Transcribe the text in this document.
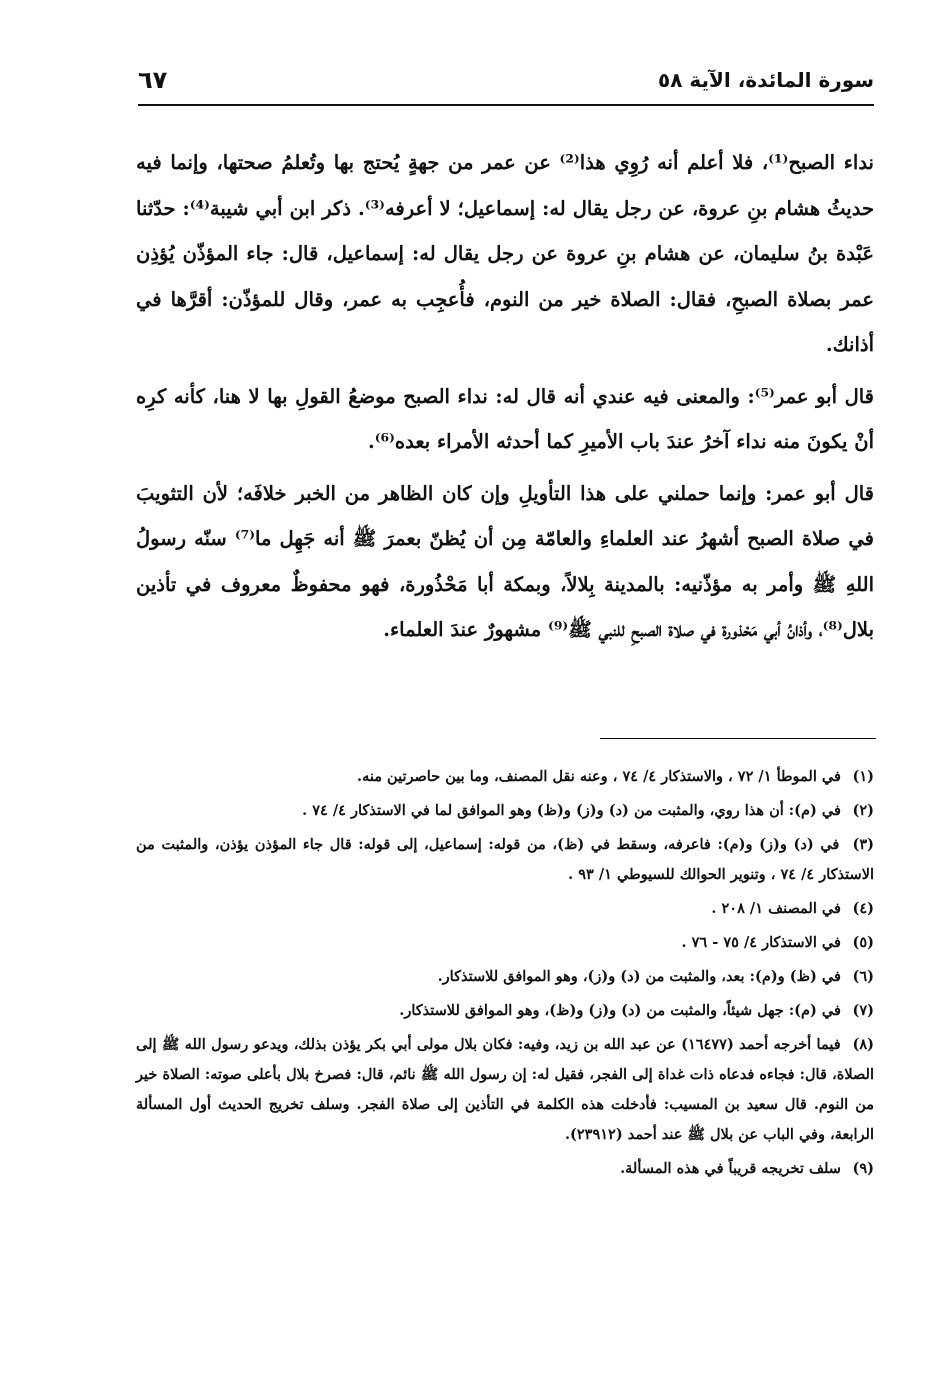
سورة المائدة، الآية ٥٨
٦٧

نداء الصبح⁽¹⁾، فلا أعلم أنه رُوِي هذا⁽²⁾ عن عمر من جهةٍ يُحتج بها وتُعلمُ صحتها، وإنما فيه حديثُ هشام بنِ عروة، عن رجل يقال له: إسماعيل؛ لا أعرفه⁽³⁾. ذكر ابن أبي شيبة⁽⁴⁾: حدّثنا عَبْدة بنُ سليمان، عن هشام بنِ عروة عن رجل يقال له: إسماعيل، قال: جاء المؤذّن يُؤذِن عمر بصلاة الصبحِ، فقال: الصلاة خير من النوم، فأُعجِب به عمر، وقال للمؤذّن: أقرَّها في أذانك.

قال أبو عمر⁽⁵⁾: والمعنى فيه عندي أنه قال له: نداء الصبح موضعُ القولِ بها لا هنا، كأنه كرِه أنْ يكونَ منه نداء آخرُ عندَ باب الأميرِ كما أحدثه الأمراء بعده⁽⁶⁾.

قال أبو عمر: وإنما حملني على هذا التأويلِ وإن كان الظاهر من الخبر خلافَه؛ لأن التثويبَ في صلاة الصبح أشهرُ عند العلماءِ والعامّة مِن أن يُظنّ بعمرَ ﷺ أنه جَهِل ما⁽⁷⁾ سنّه رسولُ اللهِ ﷺ وأمر به مؤذّنيه: بالمدينة بِلالاً، وبمكة أبا مَحْذُورة، فهو محفوظٌ معروف في تأذين بلال⁽⁸⁾، وأذانُ أبي مَحْذورة في صلاة الصبحِ للنبي ﷺ⁽⁹⁾ مشهورٌ عندَ العلماء.

(١) في الموطأ ١/ ٧٢ ، والاستذكار ٤/ ٧٤ ، وعنه نقل المصنف، وما بين حاصرتين منه.

(٢) في (م): أن هذا روي، والمثبت من (د) و(ز) و(ظ) وهو الموافق لما في الاستذكار ٤/ ٧٤ .

(٣) في (د) و(ز) و(م): فاعرفه، وسقط في (ظ)، من قوله: إسماعيل، إلى قوله: قال جاء المؤذن يؤذن، والمثبت من الاستذكار ٤/ ٧٤ ، وتنوير الحوالك للسيوطي ١/ ٩٣ .

(٤) في المصنف ١/ ٢٠٨ .

(٥) في الاستذكار ٤/ ٧٥ - ٧٦ .

(٦) في (ظ) و(م): بعد، والمثبت من (د) و(ز)، وهو الموافق للاستذكار.

(٧) في (م): جهل شيئاً، والمثبت من (د) و(ز) و(ظ)، وهو الموافق للاستذكار.

(٨) فيما أخرجه أحمد (١٦٤٧٧) عن عبد الله بن زيد، وفيه: فكان بلال مولى أبي بكر يؤذن بذلك، ويدعو رسول الله ﷺ إلى الصلاة، قال: فجاءه فدعاه ذات غداة إلى الفجر، فقيل له: إن رسول الله ﷺ نائم، قال: فصرخ بلال بأعلى صوته: الصلاة خير من النوم. قال سعيد بن المسيب: فأدخلت هذه الكلمة في التأذين إلى صلاة الفجر. وسلف تخريج الحديث أول المسألة الرابعة، وفي الباب عن بلال ﷺ عند أحمد (٢٣٩١٢).

(٩) سلف تخريجه قريباً في هذه المسألة.
